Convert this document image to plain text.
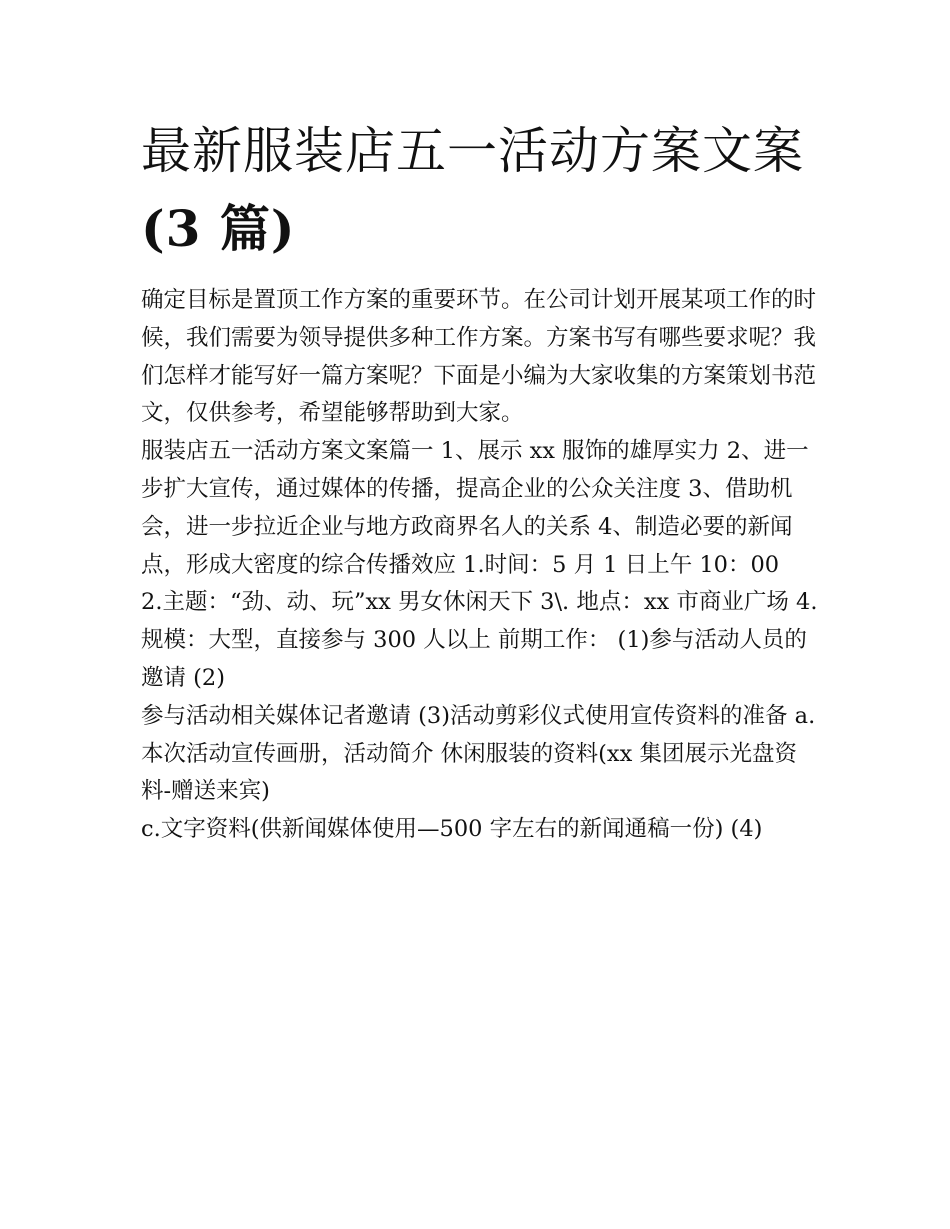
最新服装店五一活动方案文案
(3 篇)

确定目标是置顶工作方案的重要环节。在公司计划开展某项工作的时候，我们需要为领导提供多种工作方案。方案书写有哪些要求呢？我们怎样才能写好一篇方案呢？下面是小编为大家收集的方案策划书范文，仅供参考，希望能够帮助到大家。

服装店五一活动方案文案篇一 1、展示 xx 服饰的雄厚实力 2、进一步扩大宣传，通过媒体的传播，提高企业的公众关注度 3、借助机会，进一步拉近企业与地方政商界名人的关系 4、制造必要的新闻点，形成大密度的综合传播效应 1.时间：5 月 1 日上午 10：00

2.主题：“劲、动、玩”xx 男女休闲天下 3\. 地点：xx 市商业广场 4.规模：大型，直接参与 300 人以上 前期工作： (1)参与活动人员的邀请 (2)

参与活动相关媒体记者邀请 (3)活动剪彩仪式使用宣传资料的准备 a.本次活动宣传画册，活动简介 休闲服装的资料(xx 集团展示光盘资料-赠送来宾)

c.文字资料(供新闻媒体使用—500 字左右的新闻通稿一份) (4)
